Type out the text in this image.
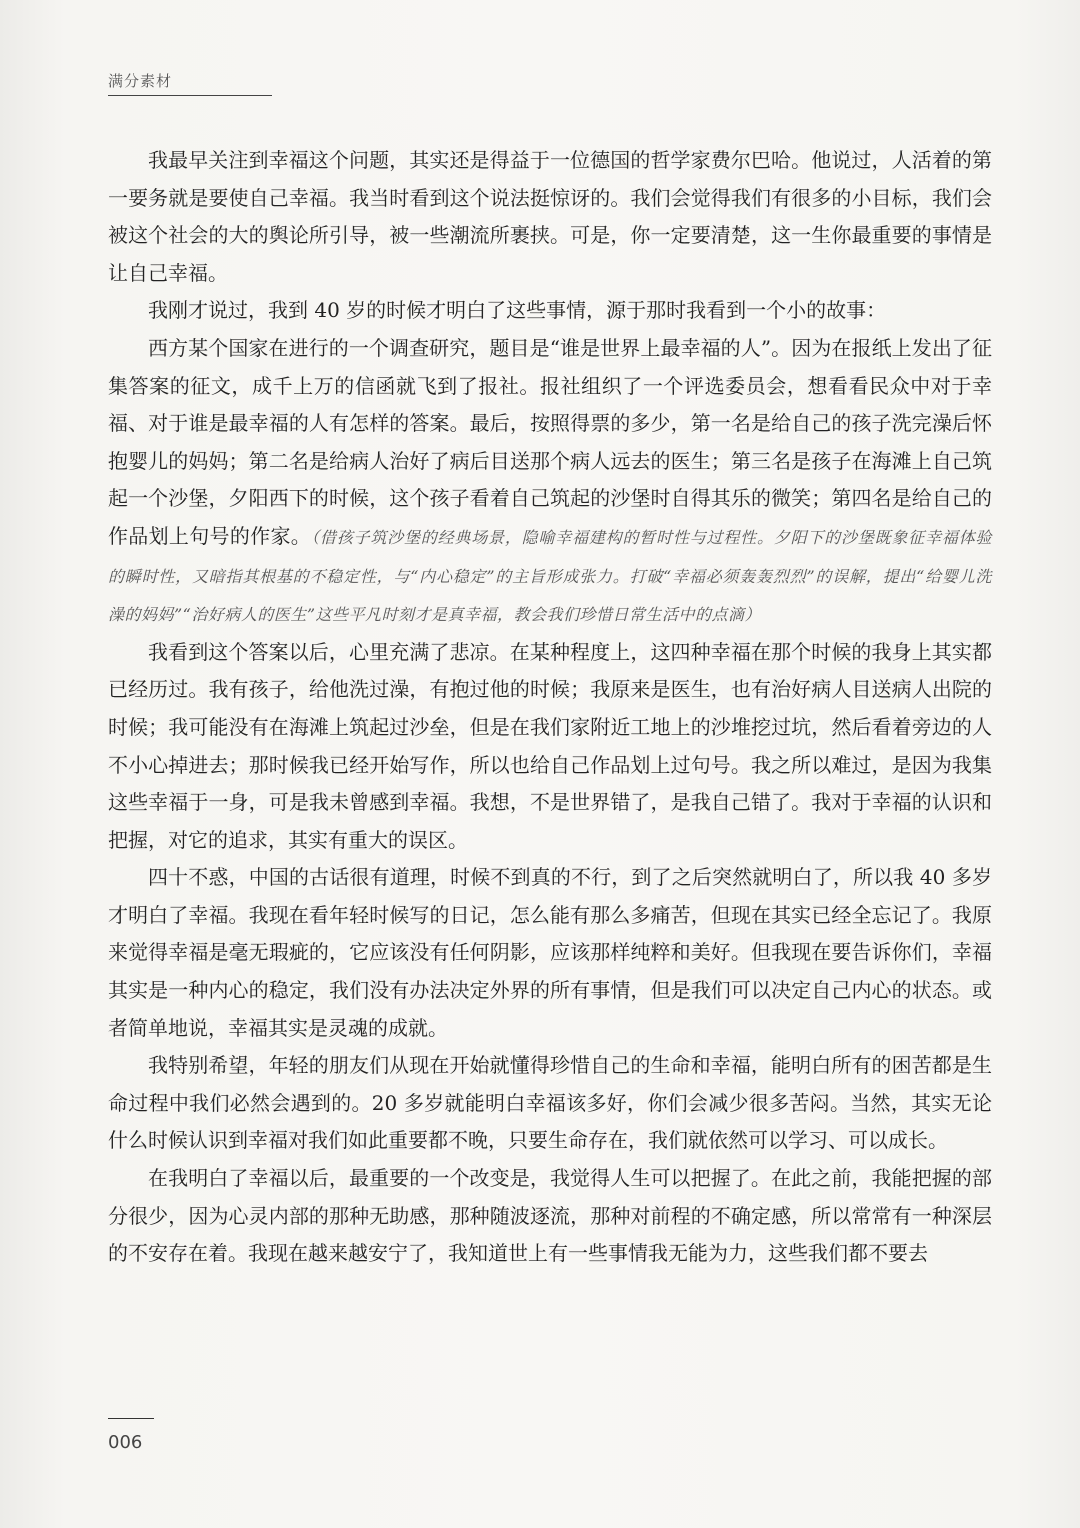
满分素材

我最早关注到幸福这个问题，其实还是得益于一位德国的哲学家费尔巴哈。他说过，人活着的第一要务就是要使自己幸福。我当时看到这个说法挺惊讶的。我们会觉得我们有很多的小目标，我们会被这个社会的大的舆论所引导，被一些潮流所裹挟。可是，你一定要清楚，这一生你最重要的事情是让自己幸福。

我刚才说过，我到 40 岁的时候才明白了这些事情，源于那时我看到一个小的故事：

西方某个国家在进行的一个调查研究，题目是“谁是世界上最幸福的人”。因为在报纸上发出了征集答案的征文，成千上万的信函就飞到了报社。报社组织了一个评选委员会，想看看民众中对于幸福、对于谁是最幸福的人有怎样的答案。最后，按照得票的多少，第一名是给自己的孩子洗完澡后怀抱婴儿的妈妈；第二名是给病人治好了病后目送那个病人远去的医生；第三名是孩子在海滩上自己筑起一个沙堡，夕阳西下的时候，这个孩子看着自己筑起的沙堡时自得其乐的微笑；第四名是给自己的作品划上句号的作家。（借孩子筑沙堡的经典场景，隐喻幸福建构的暂时性与过程性。夕阳下的沙堡既象征幸福体验的瞬时性，又暗指其根基的不稳定性，与“内心稳定”的主旨形成张力。打破“幸福必须轰轰烈烈”的误解，提出“给婴儿洗澡的妈妈”“治好病人的医生”这些平凡时刻才是真幸福，教会我们珍惜日常生活中的点滴）

我看到这个答案以后，心里充满了悲凉。在某种程度上，这四种幸福在那个时候的我身上其实都已经历过。我有孩子，给他洗过澡，有抱过他的时候；我原来是医生，也有治好病人目送病人出院的时候；我可能没有在海滩上筑起过沙垒，但是在我们家附近工地上的沙堆挖过坑，然后看着旁边的人不小心掉进去；那时候我已经开始写作，所以也给自己作品划上过句号。我之所以难过，是因为我集这些幸福于一身，可是我未曾感到幸福。我想，不是世界错了，是我自己错了。我对于幸福的认识和把握，对它的追求，其实有重大的误区。

四十不惑，中国的古话很有道理，时候不到真的不行，到了之后突然就明白了，所以我 40 多岁才明白了幸福。我现在看年轻时候写的日记，怎么能有那么多痛苦，但现在其实已经全忘记了。我原来觉得幸福是毫无瑕疵的，它应该没有任何阴影，应该那样纯粹和美好。但我现在要告诉你们，幸福其实是一种内心的稳定，我们没有办法决定外界的所有事情，但是我们可以决定自己内心的状态。或者简单地说，幸福其实是灵魂的成就。

我特别希望，年轻的朋友们从现在开始就懂得珍惜自己的生命和幸福，能明白所有的困苦都是生命过程中我们必然会遇到的。20 多岁就能明白幸福该多好，你们会减少很多苦闷。当然，其实无论什么时候认识到幸福对我们如此重要都不晚，只要生命存在，我们就依然可以学习、可以成长。

在我明白了幸福以后，最重要的一个改变是，我觉得人生可以把握了。在此之前，我能把握的部分很少，因为心灵内部的那种无助感，那种随波逐流，那种对前程的不确定感，所以常常有一种深层的不安存在着。我现在越来越安宁了，我知道世上有一些事情我无能为力，这些我们都不要去

006
